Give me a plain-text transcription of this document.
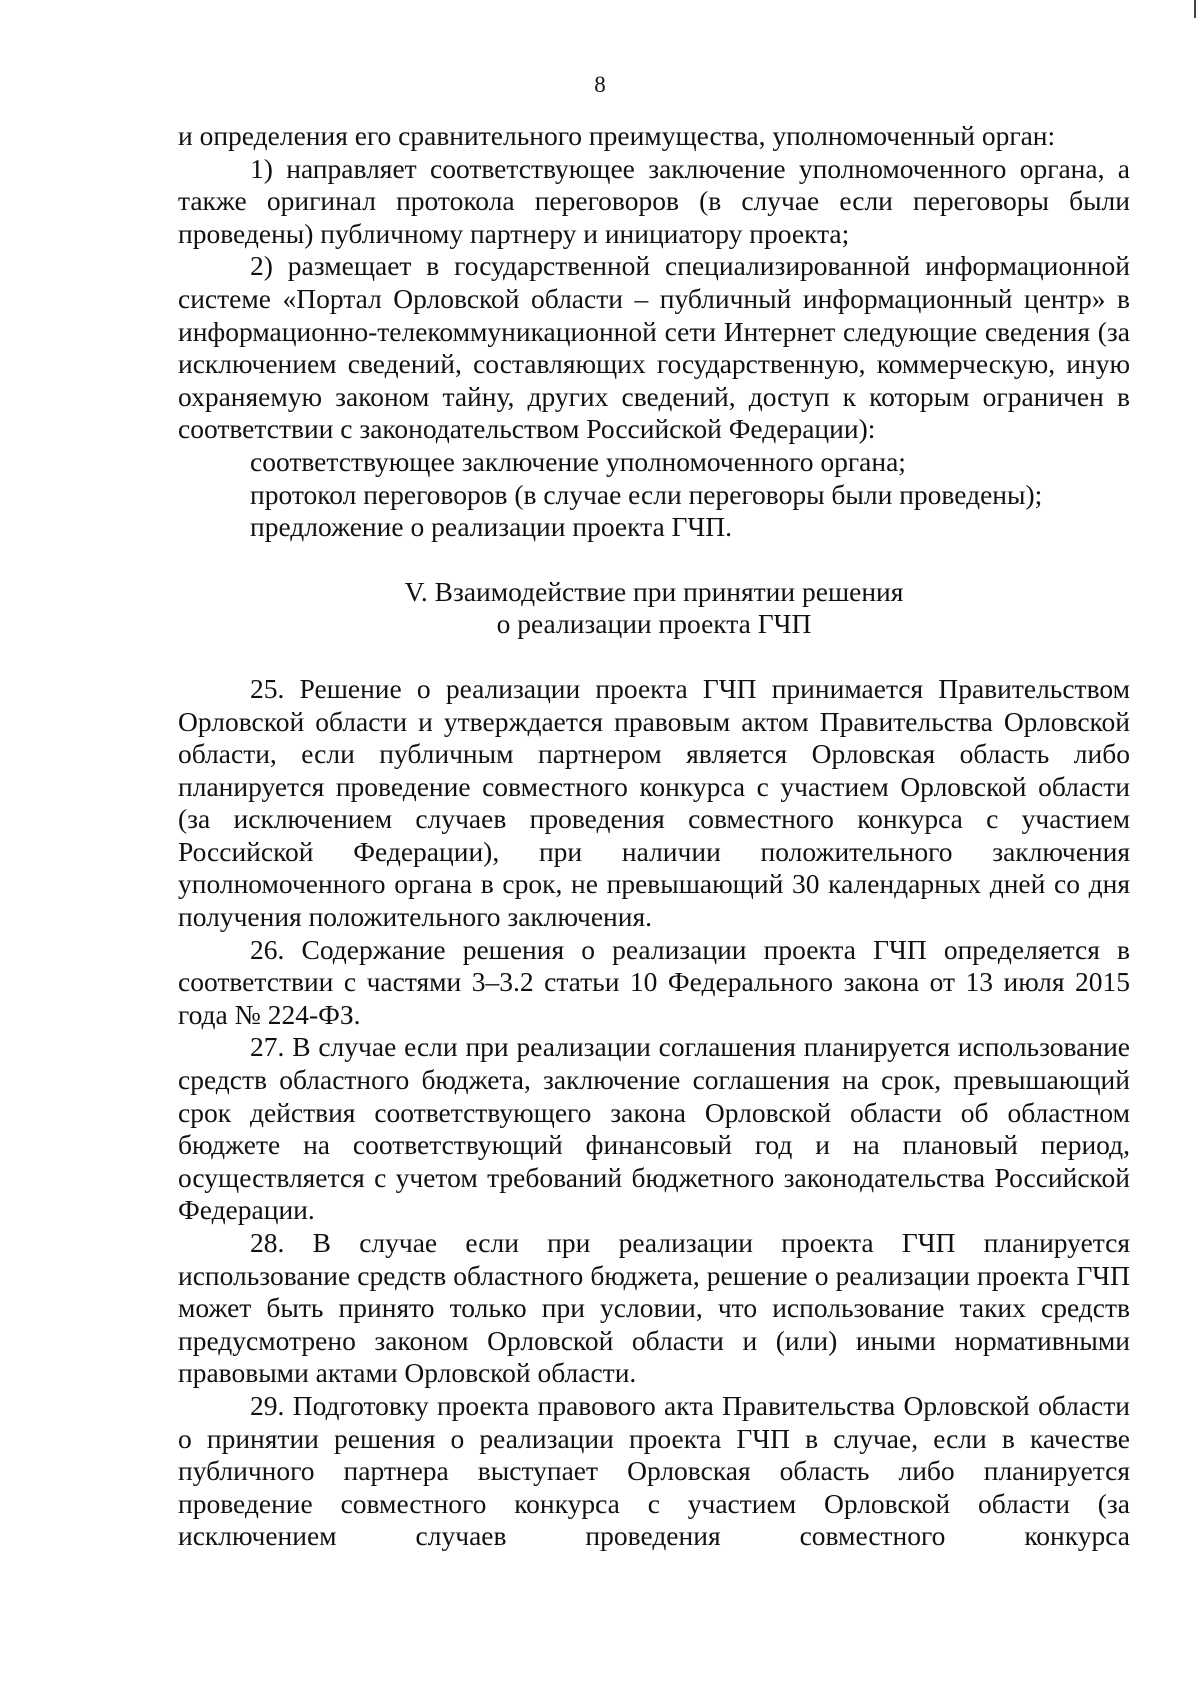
8

и определения его сравнительного преимущества, уполномоченный орган:

1) направляет соответствующее заключение уполномоченного органа, а также оригинал протокола переговоров (в случае если переговоры были проведены) публичному партнеру и инициатору проекта;

2) размещает в государственной специализированной информационной системе «Портал Орловской области – публичный информационный центр» в информационно-телекоммуникационной сети Интернет следующие сведения (за исключением сведений, составляющих государственную, коммерческую, иную охраняемую законом тайну, других сведений, доступ к которым ограничен в соответствии с законодательством Российской Федерации):

соответствующее заключение уполномоченного органа;

протокол переговоров (в случае если переговоры были проведены);

предложение о реализации проекта ГЧП.

V. Взаимодействие при принятии решения
о реализации проекта ГЧП

25. Решение о реализации проекта ГЧП принимается Правительством Орловской области и утверждается правовым актом Правительства Орловской области, если публичным партнером является Орловская область либо планируется проведение совместного конкурса с участием Орловской области (за исключением случаев проведения совместного конкурса с участием Российской Федерации), при наличии положительного заключения уполномоченного органа в срок, не превышающий 30 календарных дней со дня получения положительного заключения.

26. Содержание решения о реализации проекта ГЧП определяется в соответствии с частями 3–3.2 статьи 10 Федерального закона от 13 июля 2015 года № 224-ФЗ.

27. В случае если при реализации соглашения планируется использование средств областного бюджета, заключение соглашения на срок, превышающий срок действия соответствующего закона Орловской области об областном бюджете на соответствующий финансовый год и на плановый период, осуществляется с учетом требований бюджетного законодательства Российской Федерации.

28. В случае если при реализации проекта ГЧП планируется использование средств областного бюджета, решение о реализации проекта ГЧП может быть принято только при условии, что использование таких средств предусмотрено законом Орловской области и (или) иными нормативными правовыми актами Орловской области.

29. Подготовку проекта правового акта Правительства Орловской области о принятии решения о реализации проекта ГЧП в случае, если в качестве публичного партнера выступает Орловская область либо планируется проведение совместного конкурса с участием Орловской области (за исключением случаев проведения совместного конкурса
